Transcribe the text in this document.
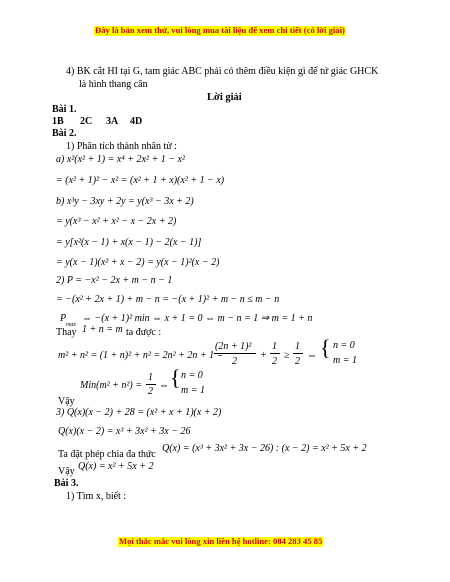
Đây là bản xem thử, vui lòng mua tài liệu để xem chi tiết (có lời giải)
4) BK cắt HI tại G, tam giác ABC phải có thêm điều kiện gì để tứ giác GHCK
là hình thang cân
Lời giải
Bài 1.
1B 2C 3A 4D
Bài 2.
1) Phân tích thành nhân tử :
a) x²(x² + 1) = x⁴ + 2x² + 1 − x²
= (x² + 1)² − x² = (x² + 1 + x)(x² + 1 − x)
b) x³y − 3xy + 2y = y(x³ − 3x + 2)
= y(x³ − x² + x² − x − 2x + 2)
= y[x²(x − 1) + x(x − 1) − 2(x − 1)]
= y(x − 1)(x² + x − 2) = y(x − 1)²(x − 2)
2) P = −x² − 2x + m − n − 1
= −(x² + 2x + 1) + m − n = −(x + 1)² + m − n ≤ m − n
P
max
⇔ −(x + 1)² min ⇔ x + 1 = 0 ⇔ m − n = 1 ⇒ m = 1 + n
Thay 1 + n = m ta được :
m² + n² = (1 + n)² + n² = 2n² + 2n + 1 =
(2n + 1)²
2
+
1
2
≥
1
2
⇔ { n = 0
m = 1
Min(m² + n²) =
1
2
⇔ { n = 0
m = 1
Vậy
3) Q(x)(x − 2) + 28 = (x² + x + 1)(x + 2)
Q(x)(x − 2) = x³ + 3x² + 3x − 26
Ta đặt phép chia đa thức
Q(x) = (x³ + 3x² + 3x − 26) : (x − 2) = x² + 5x + 2
Vậy Q(x) = x² + 5x + 2
Bài 3.
1) Tìm x, biết :
Mọi thắc mắc vui lòng xin liên hệ hotline: 084 283 45 85
